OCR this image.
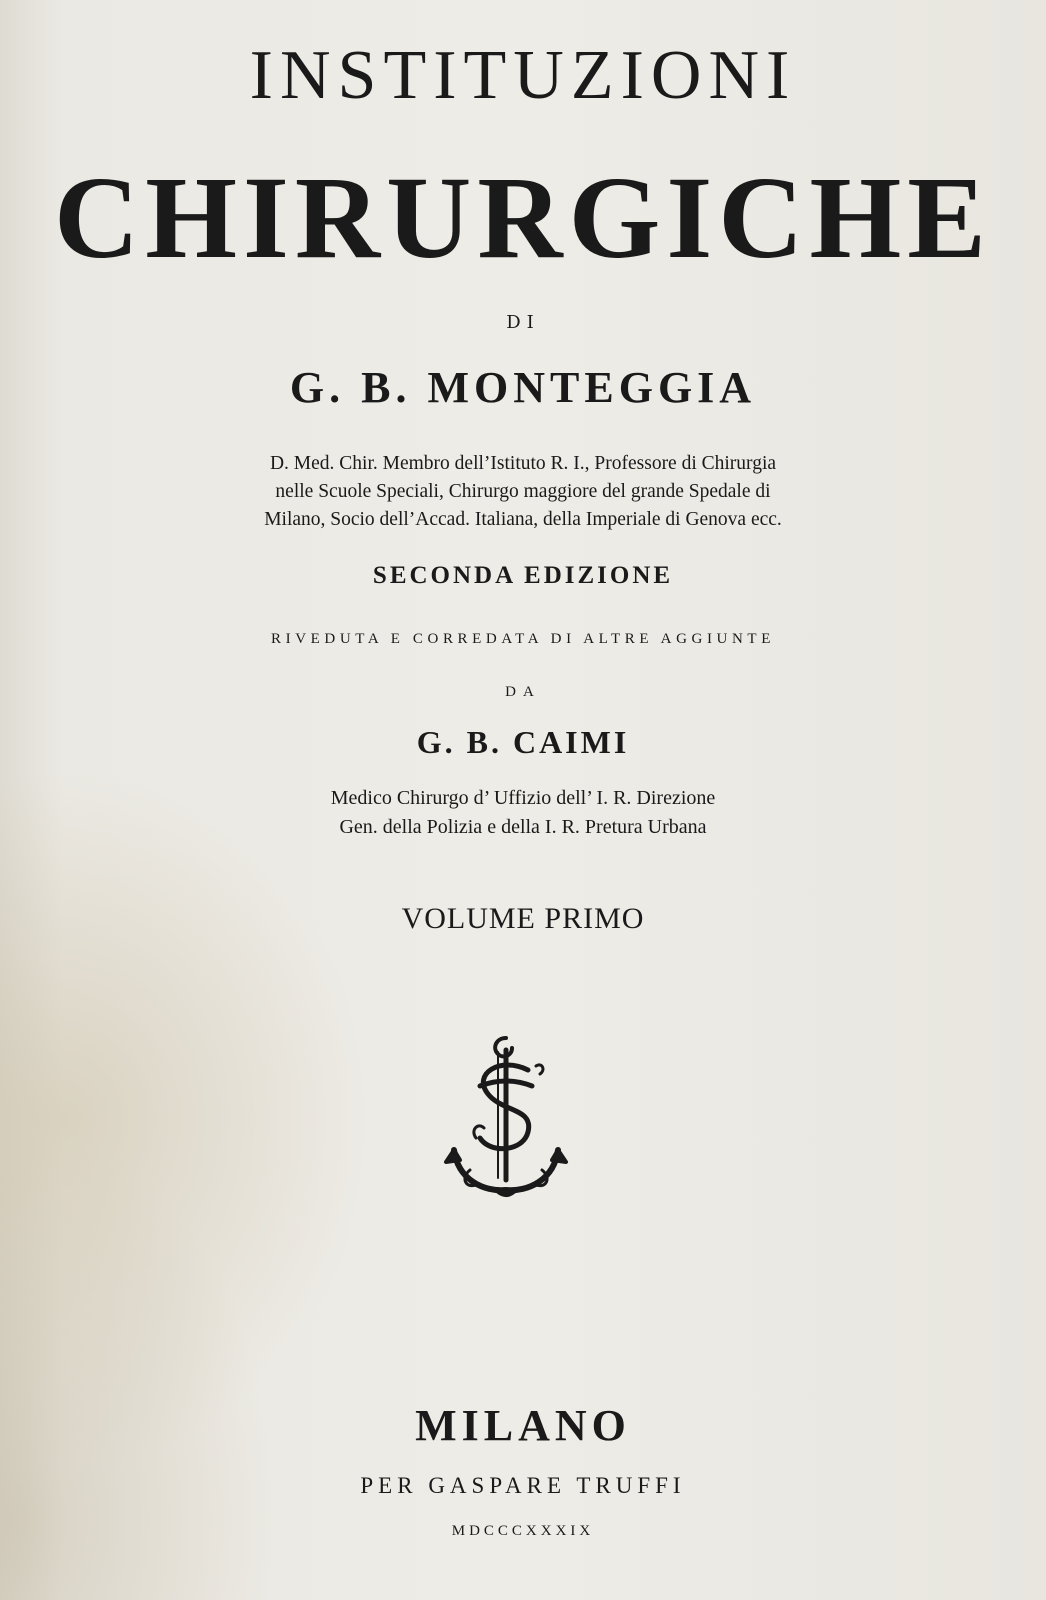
INSTITUZIONI
CHIRURGICHE
DI
G. B. MONTEGGIA
D. Med. Chir. Membro dell’Istituto R. I., Professore di Chirurgia
nelle Scuole Speciali, Chirurgo maggiore del grande Spedale di
Milano, Socio dell’Accad. Italiana, della Imperiale di Genova ecc.
SECONDA EDIZIONE
RIVEDUTA E CORREDATA DI ALTRE AGGIUNTE
DA
G. B. CAIMI
Medico Chirurgo d’ Uffizio dell’ I. R. Direzione
Gen. della Polizia e della I. R. Pretura Urbana
VOLUME PRIMO
MILANO
PER GASPARE TRUFFI
MDCCCXXXIX
